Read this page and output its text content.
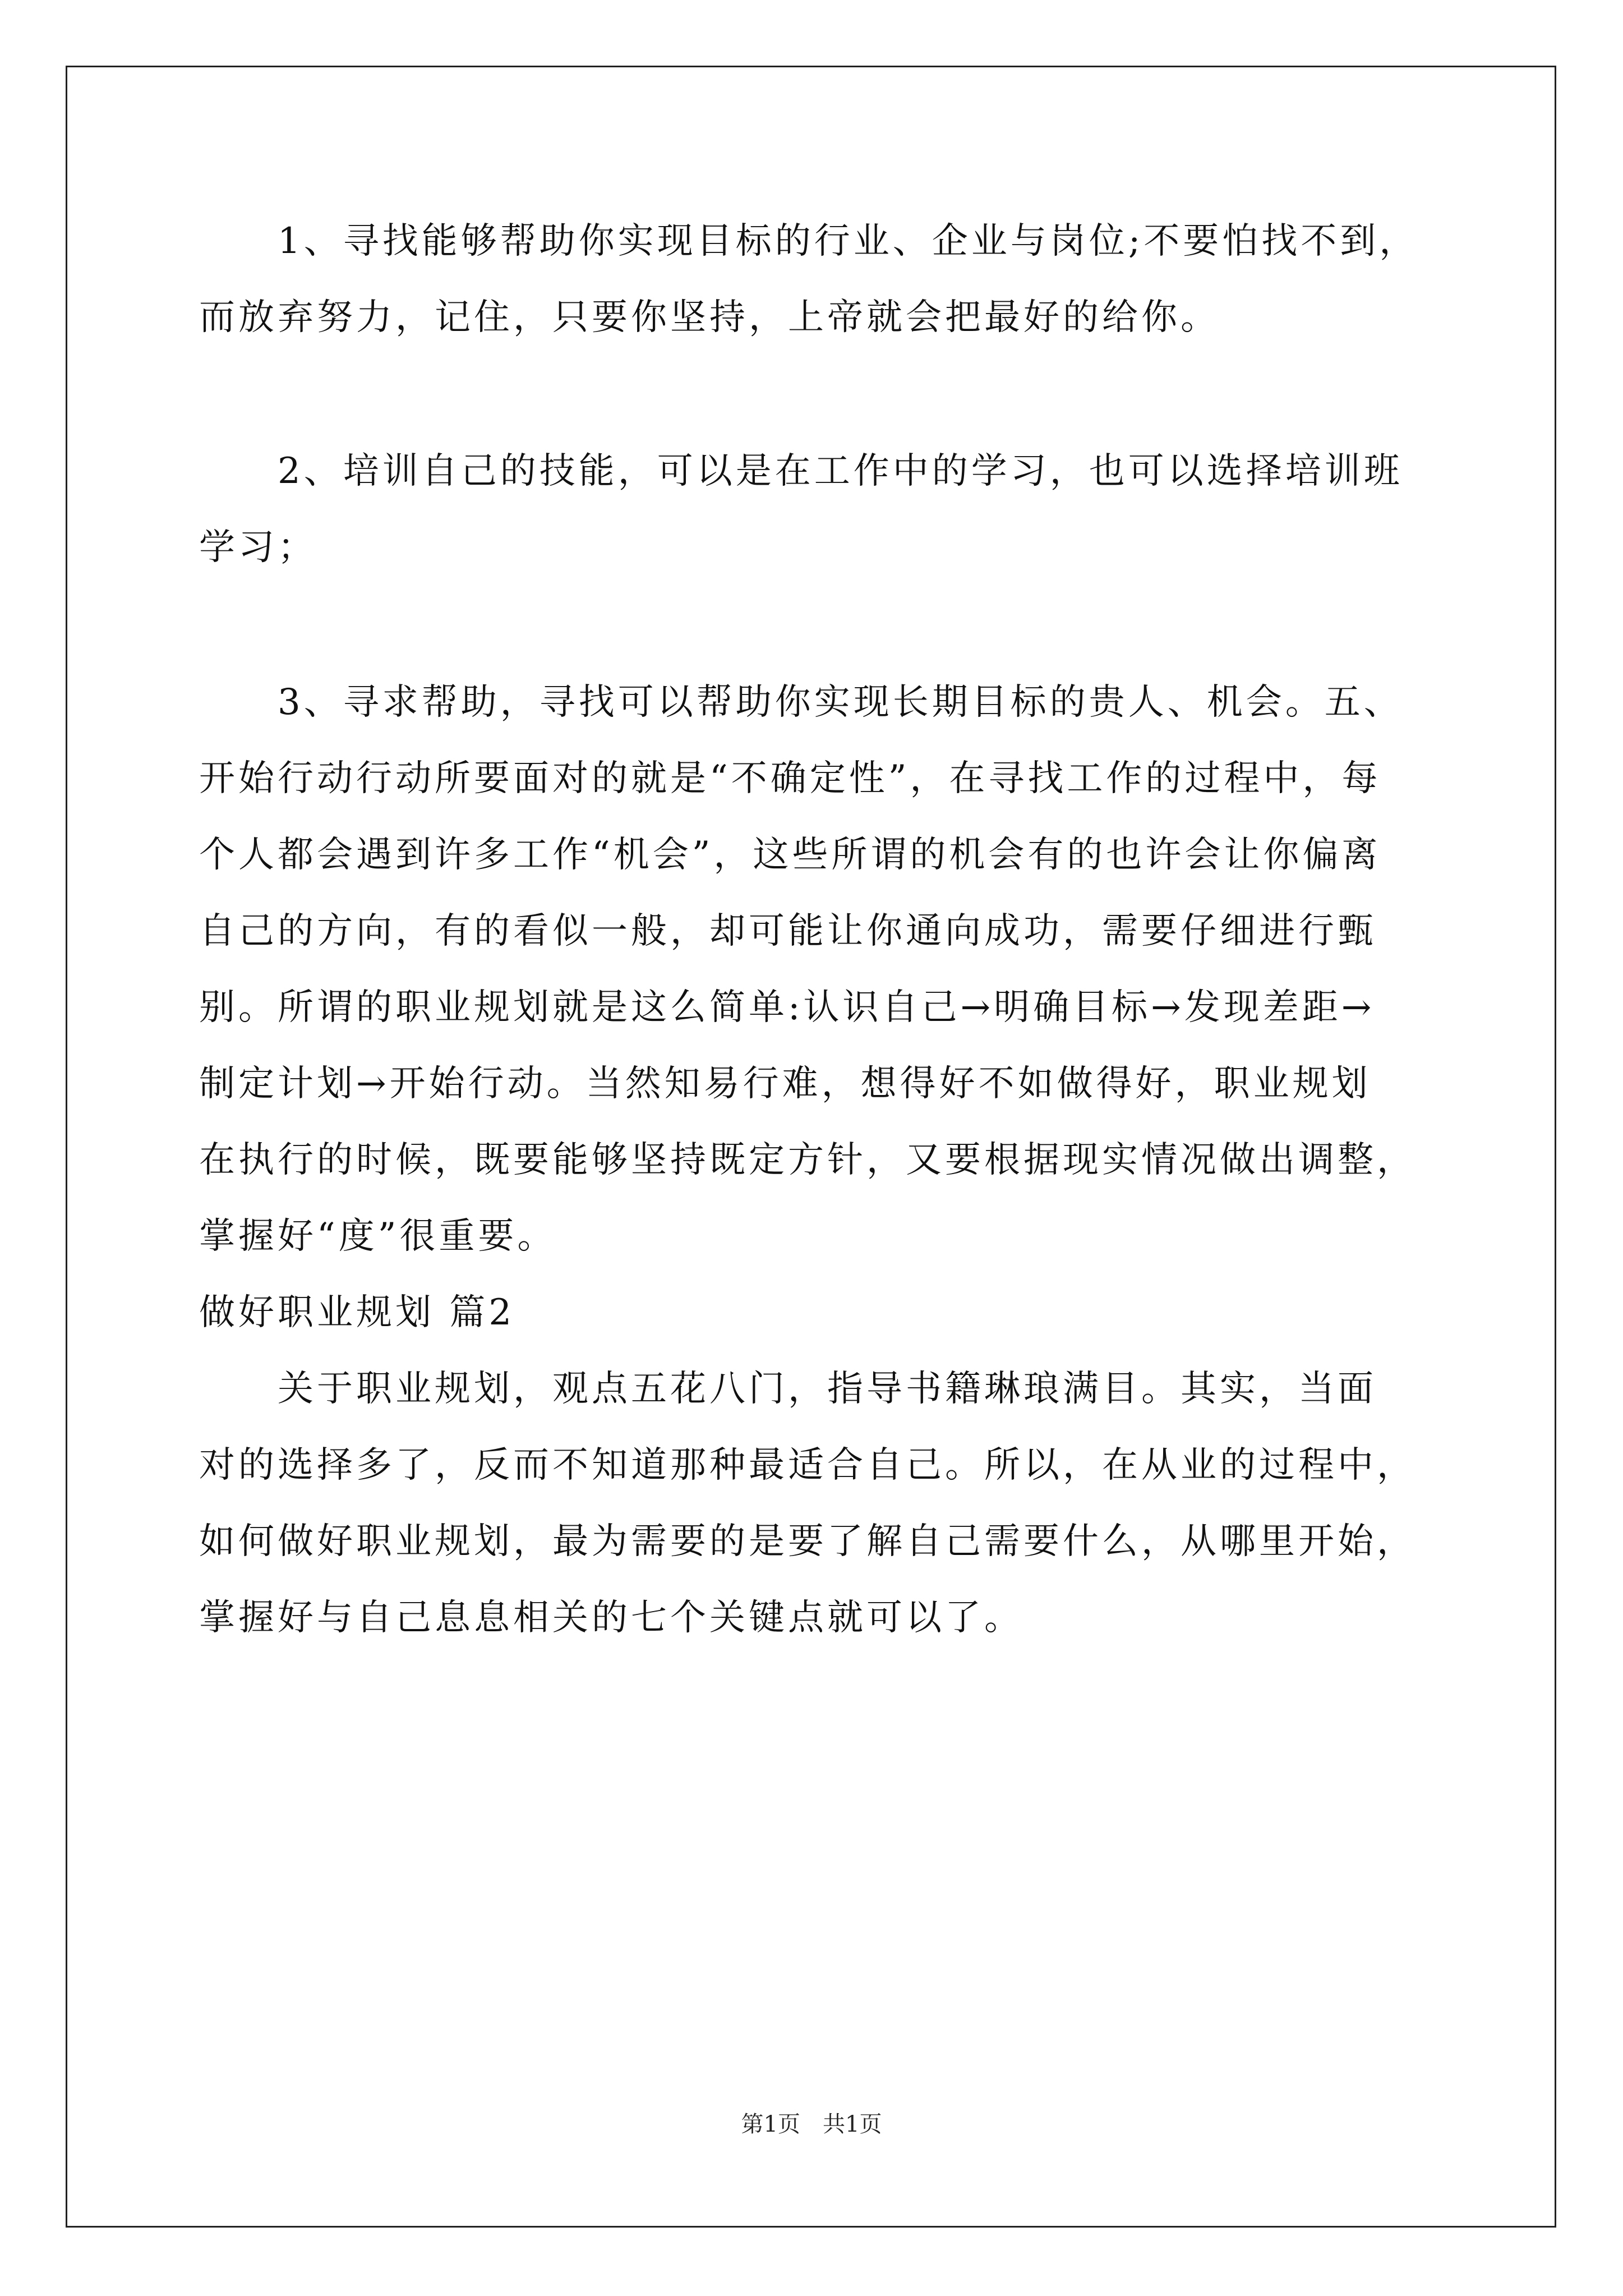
　　1、寻找能够帮助你实现目标的行业、企业与岗位;不要怕找不到，
而放弃努力，记住，只要你坚持，上帝就会把最好的给你。
　　2、培训自己的技能，可以是在工作中的学习，也可以选择培训班
学习；
　　3、寻求帮助，寻找可以帮助你实现长期目标的贵人、机会。五、
开始行动行动所要面对的就是“不确定性”，在寻找工作的过程中，每
个人都会遇到许多工作“机会”，这些所谓的机会有的也许会让你偏离
自己的方向，有的看似一般，却可能让你通向成功，需要仔细进行甄
别。所谓的职业规划就是这么简单:认识自己→明确目标→发现差距→
制定计划→开始行动。当然知易行难，想得好不如做得好，职业规划
在执行的时候，既要能够坚持既定方针，又要根据现实情况做出调整，
掌握好“度”很重要。
做好职业规划 篇2
　　关于职业规划，观点五花八门，指导书籍琳琅满目。其实，当面
对的选择多了，反而不知道那种最适合自己。所以，在从业的过程中，
如何做好职业规划，最为需要的是要了解自己需要什么，从哪里开始，
掌握好与自己息息相关的七个关键点就可以了。
第1页　共1页
